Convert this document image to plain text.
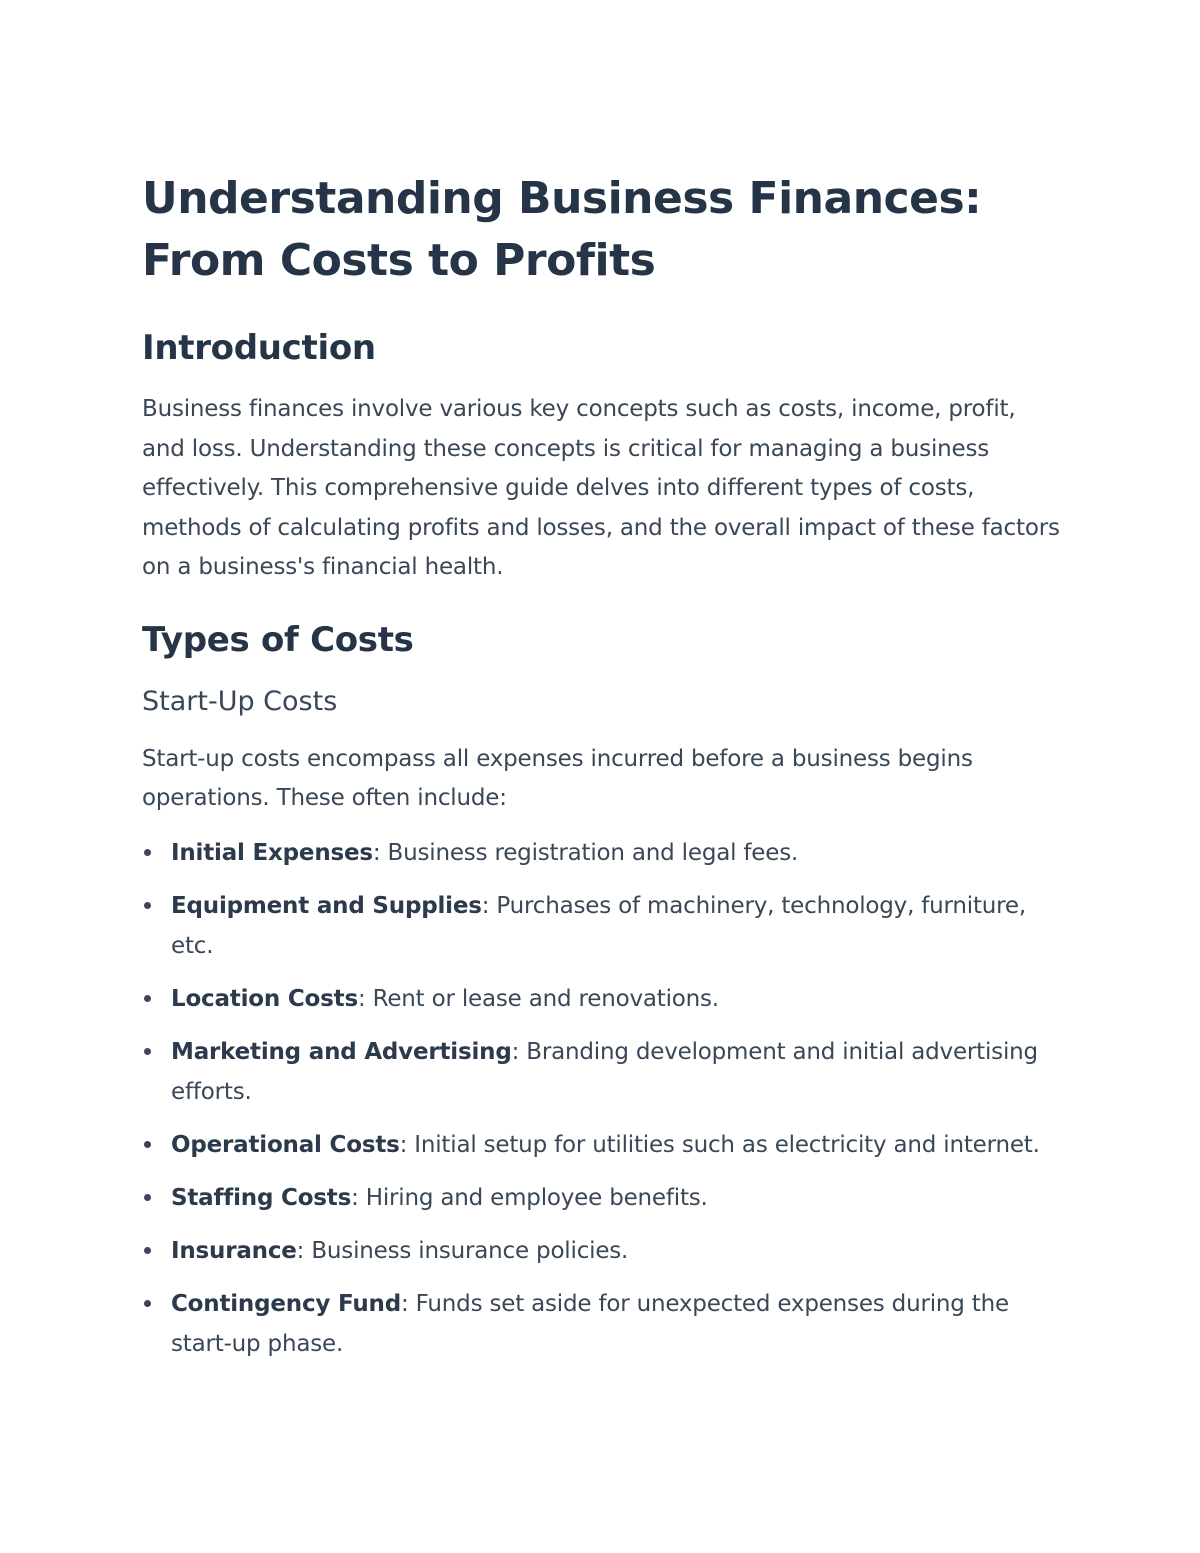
Understanding Business Finances: From Costs to Profits
Introduction

Business finances involve various key concepts such as costs, income, profit, and loss. Understanding these concepts is critical for managing a business effectively. This comprehensive guide delves into different types of costs, methods of calculating profits and losses, and the overall impact of these factors on a business's financial health.

Types of Costs
Start-Up Costs

Start-up costs encompass all expenses incurred before a business begins operations. These often include:

Initial Expenses: Business registration and legal fees.
Equipment and Supplies: Purchases of machinery, technology, furniture, etc.
Location Costs: Rent or lease and renovations.
Marketing and Advertising: Branding development and initial advertising efforts.
Operational Costs: Initial setup for utilities such as electricity and internet.
Staffing Costs: Hiring and employee benefits.
Insurance: Business insurance policies.
Contingency Fund: Funds set aside for unexpected expenses during the start-up phase.
